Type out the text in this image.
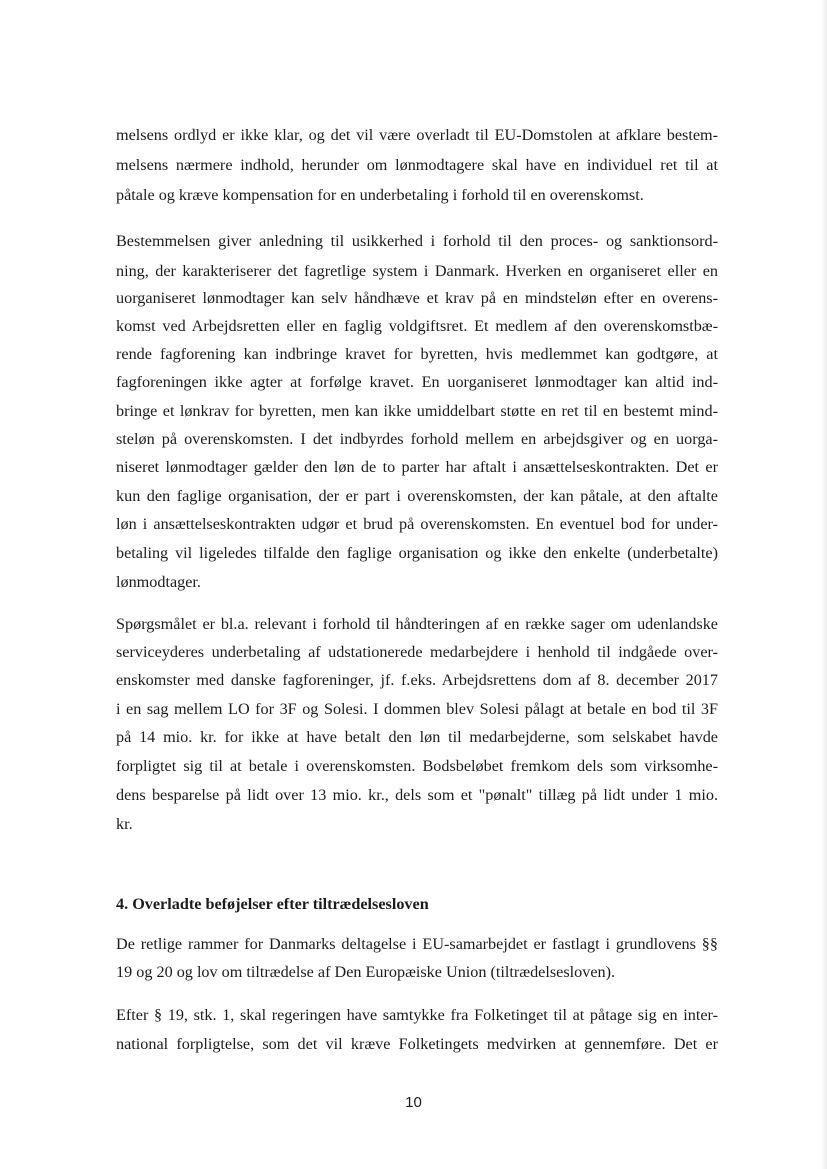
melsens ordlyd er ikke klar, og det vil være overladt til EU-Domstolen at afklare bestem-
melsens nærmere indhold, herunder om lønmodtagere skal have en individuel ret til at
påtale og kræve kompensation for en underbetaling i forhold til en overenskomst.
Bestemmelsen giver anledning til usikkerhed i forhold til den proces- og sanktionsord-
ning, der karakteriserer det fagretlige system i Danmark. Hverken en organiseret eller en
uorganiseret lønmodtager kan selv håndhæve et krav på en mindsteløn efter en overens-
komst ved Arbejdsretten eller en faglig voldgiftsret. Et medlem af den overenskomstbæ-
rende fagforening kan indbringe kravet for byretten, hvis medlemmet kan godtgøre, at
fagforeningen ikke agter at forfølge kravet. En uorganiseret lønmodtager kan altid ind-
bringe et lønkrav for byretten, men kan ikke umiddelbart støtte en ret til en bestemt mind-
steløn på overenskomsten. I det indbyrdes forhold mellem en arbejdsgiver og en uorga-
niseret lønmodtager gælder den løn de to parter har aftalt i ansættelseskontrakten. Det er
kun den faglige organisation, der er part i overenskomsten, der kan påtale, at den aftalte
løn i ansættelseskontrakten udgør et brud på overenskomsten. En eventuel bod for under-
betaling vil ligeledes tilfalde den faglige organisation og ikke den enkelte (underbetalte)
lønmodtager.
Spørgsmålet er bl.a. relevant i forhold til håndteringen af en række sager om udenlandske
serviceyderes underbetaling af udstationerede medarbejdere i henhold til indgåede over-
enskomster med danske fagforeninger, jf. f.eks. Arbejdsrettens dom af 8. december 2017
i en sag mellem LO for 3F og Solesi. I dommen blev Solesi pålagt at betale en bod til 3F
på 14 mio. kr. for ikke at have betalt den løn til medarbejderne, som selskabet havde
forpligtet sig til at betale i overenskomsten. Bodsbeløbet fremkom dels som virksomhe-
dens besparelse på lidt over 13 mio. kr., dels som et "pønalt" tillæg på lidt under 1 mio.
kr.
4. Overladte beføjelser efter tiltrædelsesloven
De retlige rammer for Danmarks deltagelse i EU-samarbejdet er fastlagt i grundlovens §§
19 og 20 og lov om tiltrædelse af Den Europæiske Union (tiltrædelsesloven).
Efter § 19, stk. 1, skal regeringen have samtykke fra Folketinget til at påtage sig en inter-
national forpligtelse, som det vil kræve Folketingets medvirken at gennemføre. Det er
10
